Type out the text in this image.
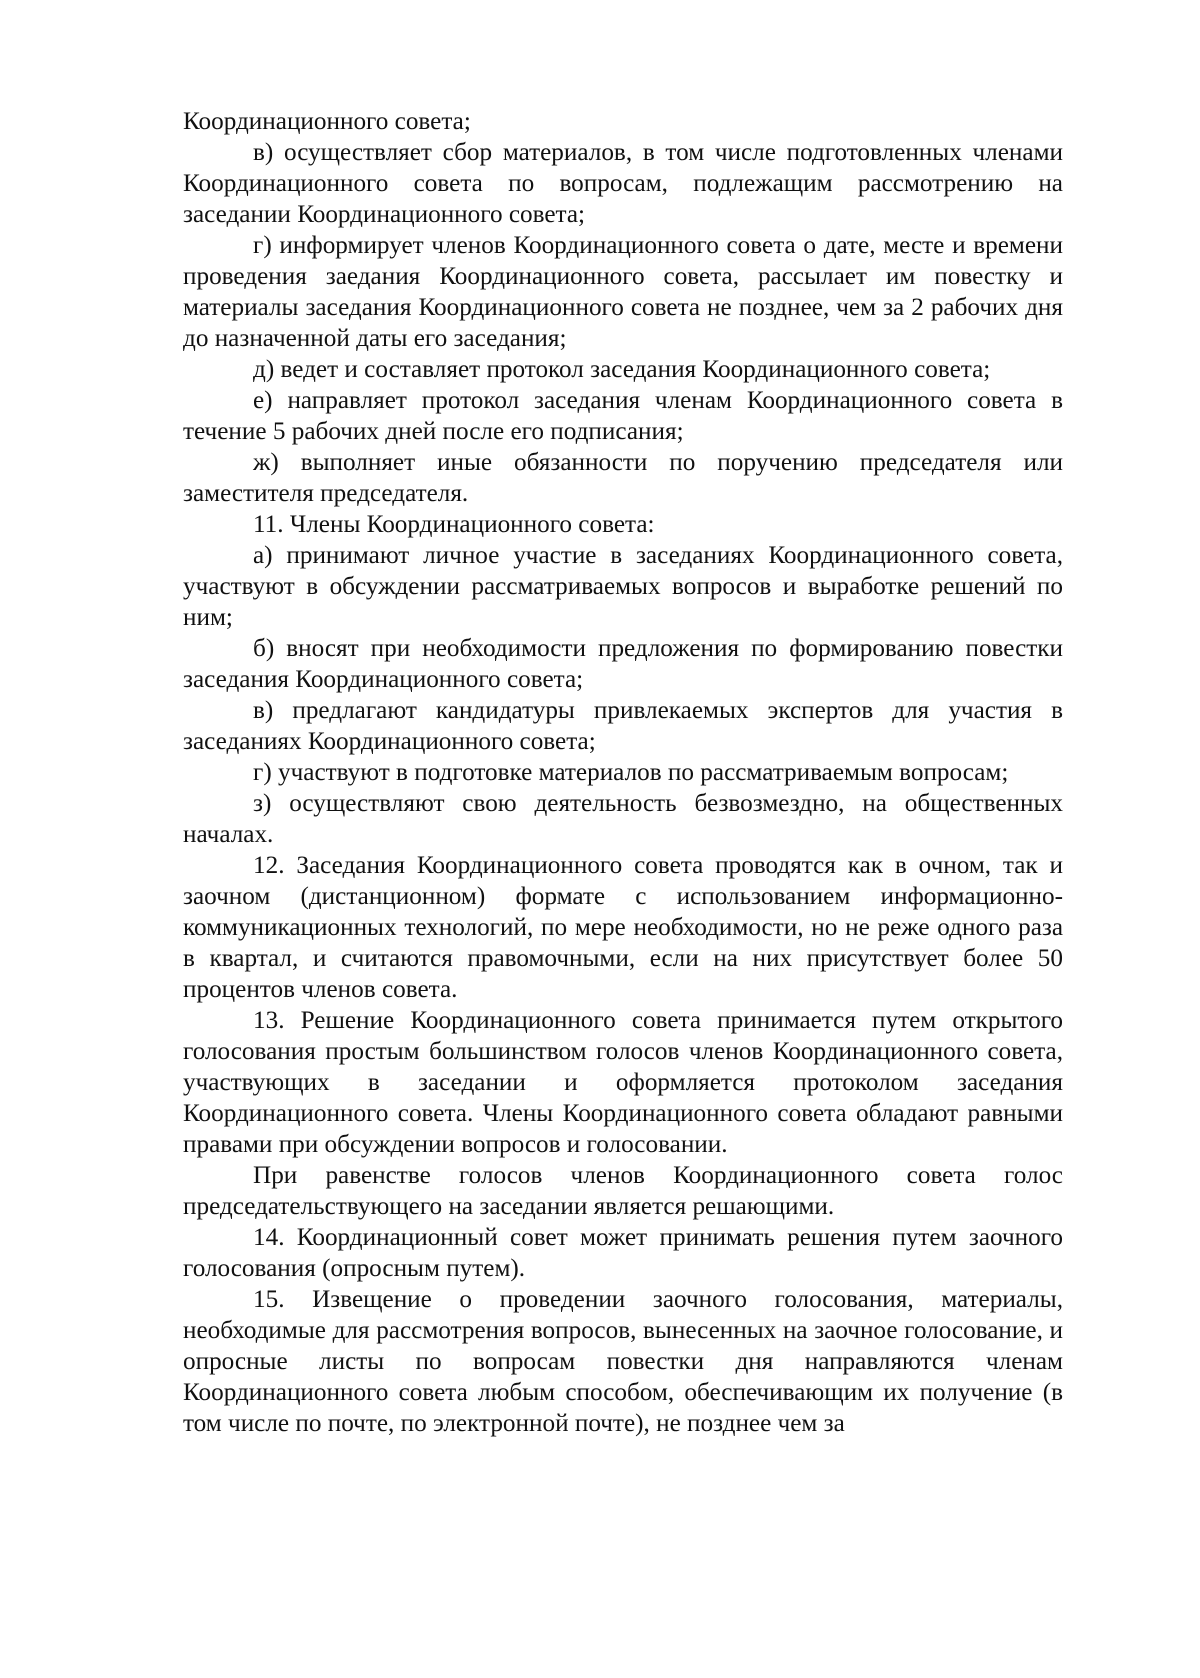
Координационного совета;

в) осуществляет сбор материалов, в том числе подготовленных членами Координационного совета по вопросам, подлежащим рассмотрению на заседании Координационного совета;

г) информирует членов Координационного совета о дате, месте и времени проведения заедания Координационного совета, рассылает им повестку и материалы заседания Координационного совета не позднее, чем за 2 рабочих дня до назначенной даты его заседания;

д) ведет и составляет протокол заседания Координационного совета;

е) направляет протокол заседания членам Координационного совета в течение 5 рабочих дней после его подписания;

ж) выполняет иные обязанности по поручению председателя или заместителя председателя.

11. Члены Координационного совета:

а) принимают личное участие в заседаниях Координационного совета, участвуют в обсуждении рассматриваемых вопросов и выработке решений по ним;

б) вносят при необходимости предложения по формированию повестки заседания Координационного совета;

в) предлагают кандидатуры привлекаемых экспертов для участия в заседаниях Координационного совета;

г) участвуют в подготовке материалов по рассматриваемым вопросам;

з) осуществляют свою деятельность безвозмездно, на общественных началах.

12. Заседания Координационного совета проводятся как в очном, так и заочном (дистанционном) формате с использованием информационно-коммуникационных технологий, по мере необходимости, но не реже одного раза в квартал, и считаются правомочными, если на них присутствует более 50 процентов членов совета.

13. Решение Координационного совета принимается путем открытого голосования простым большинством голосов членов Координационного совета, участвующих в заседании и оформляется протоколом заседания Координационного совета. Члены Координационного совета обладают равными правами при обсуждении вопросов и голосовании.

При равенстве голосов членов Координационного совета голос председательствующего на заседании является решающими.

14. Координационный совет может принимать решения путем заочного голосования (опросным путем).

15. Извещение о проведении заочного голосования, материалы, необходимые для рассмотрения вопросов, вынесенных на заочное голосование, и опросные листы по вопросам повестки дня направляются членам Координационного совета любым способом, обеспечивающим их получение (в том числе по почте, по электронной почте), не позднее чем за
